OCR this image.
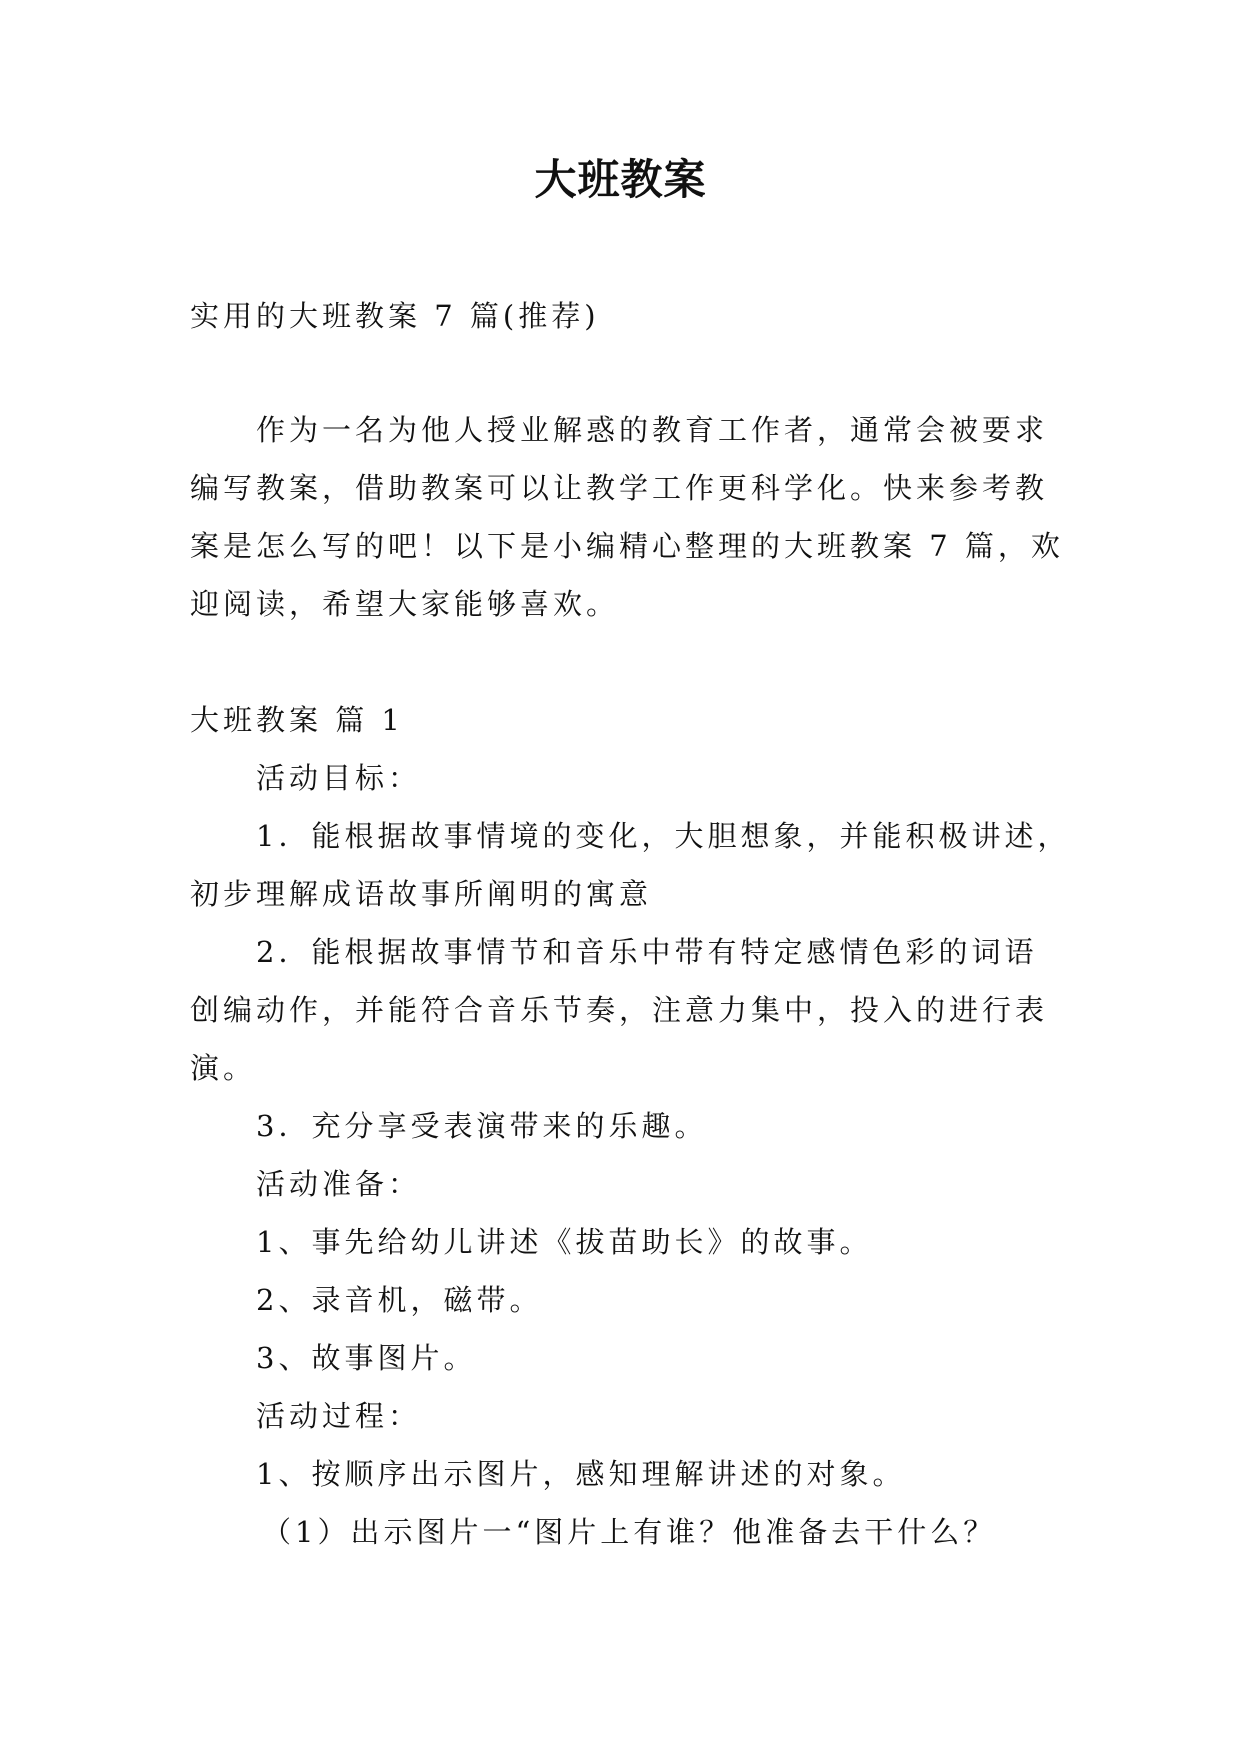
大班教案
实用的大班教案 7 篇(推荐)
作为一名为他人授业解惑的教育工作者，通常会被要求
编写教案，借助教案可以让教学工作更科学化。快来参考教
案是怎么写的吧！以下是小编精心整理的大班教案 7 篇，欢
迎阅读，希望大家能够喜欢。
大班教案 篇 1
活动目标：
1．能根据故事情境的变化，大胆想象，并能积极讲述，
初步理解成语故事所阐明的寓意
2．能根据故事情节和音乐中带有特定感情色彩的词语
创编动作，并能符合音乐节奏，注意力集中，投入的进行表
演。
3．充分享受表演带来的乐趣。
活动准备：
1、事先给幼儿讲述《拔苗助长》的故事。
2、录音机，磁带。
3、故事图片。
活动过程：
1、按顺序出示图片，感知理解讲述的对象。
（1）出示图片一“图片上有谁？他准备去干什么？
